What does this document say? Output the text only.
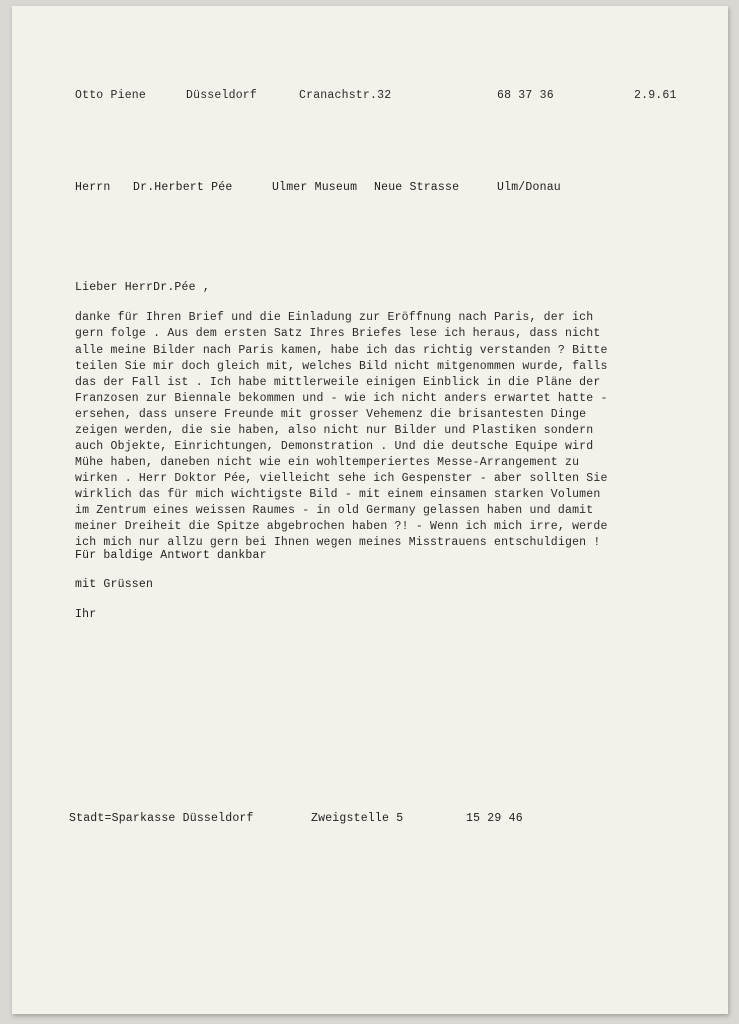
Otto Piene	Düsseldorf	Cranachstr.32	68 37 36	2.9.61
Herrn Dr.Herbert Pée	Ulmer Museum Neue Strasse	Ulm/Donau
Lieber HerrDr.Pée ,
danke für Ihren Brief und die Einladung zur Eröffnung nach Paris, der ich
gern folge . Aus dem ersten Satz Ihres Briefes lese ich heraus, dass nicht
alle meine Bilder nach Paris kamen, habe ich das richtig verstanden ? Bitte
teilen Sie mir doch gleich mit, welches Bild nicht mitgenommen wurde, falls
das der Fall ist . Ich habe mittlerweile einigen Einblick in die Pläne der
Franzosen zur Biennale bekommen und - wie ich nicht anders erwartet hatte -
ersehen, dass unsere Freunde mit grosser Vehemenz die brisantesten Dinge
zeigen werden, die sie haben, also nicht nur Bilder und Plastiken sondern
auch Objekte, Einrichtungen, Demonstration . Und die deutsche Equipe wird
Mühe haben, daneben nicht wie ein wohltemperiertes Messe-Arrangement zu
wirken . Herr Doktor Pée, vielleicht sehe ich Gespenster - aber sollten Sie
wirklich das für mich wichtigste Bild - mit einem einsamen starken Volumen
im Zentrum eines weissen Raumes - in old Germany gelassen haben und damit
meiner Dreiheit die Spitze abgebrochen haben ?! - Wenn ich mich irre, werde
ich mich nur allzu gern bei Ihnen wegen meines Misstrauens entschuldigen !
Für baldige Antwort dankbar
mit Grüssen
Ihr
Stadt=Sparkasse Düsseldorf	Zweigstelle 5	15 29 46
